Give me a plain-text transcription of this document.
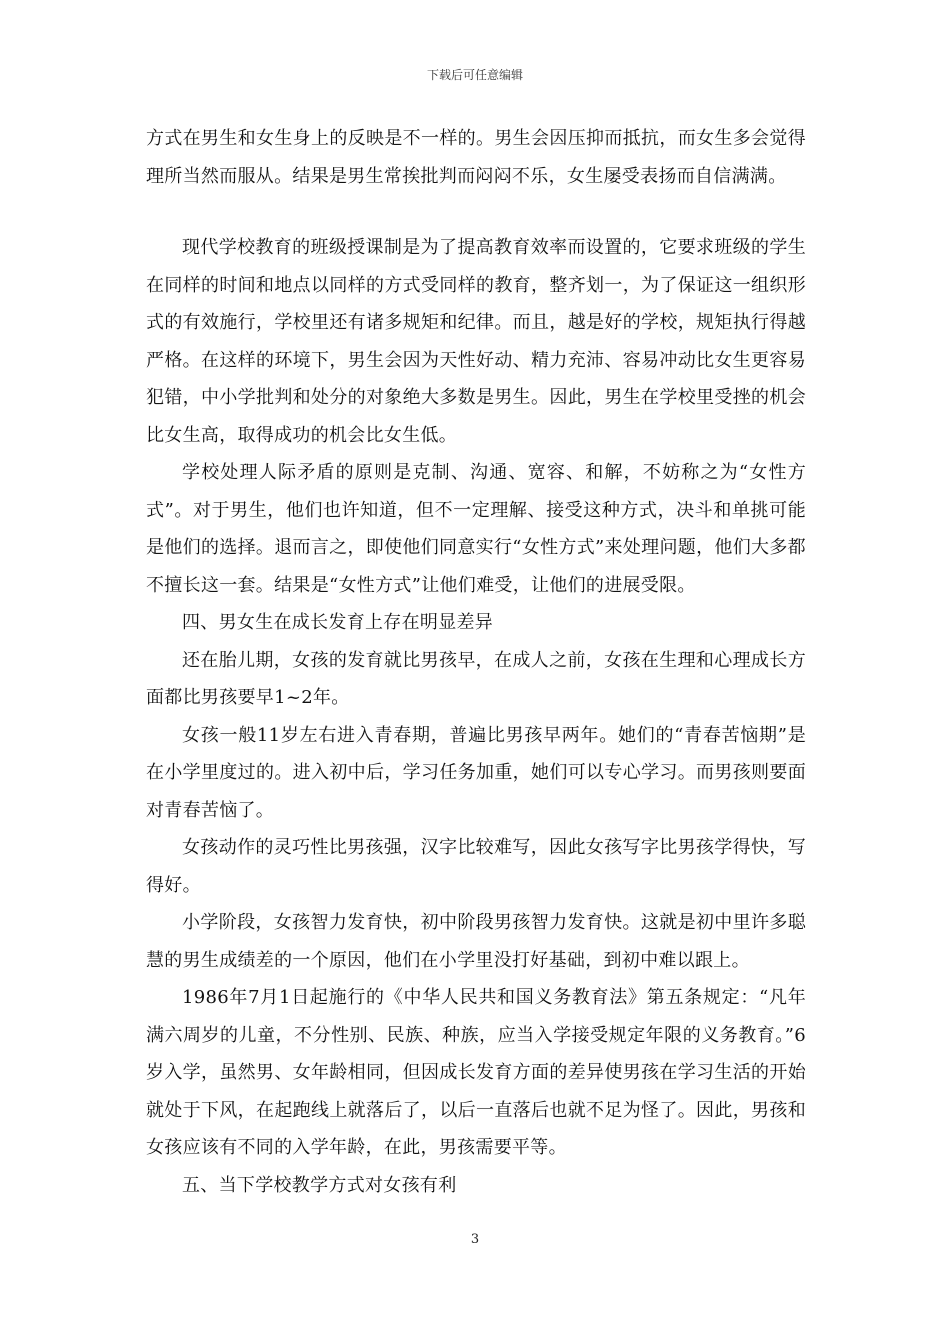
下载后可任意编辑

方式在男生和女生身上的反映是不一样的。男生会因压抑而抵抗，而女生多会觉得理所当然而服从。结果是男生常挨批判而闷闷不乐，女生屡受表扬而自信满满。

现代学校教育的班级授课制是为了提高教育效率而设置的，它要求班级的学生在同样的时间和地点以同样的方式受同样的教育，整齐划一，为了保证这一组织形式的有效施行，学校里还有诸多规矩和纪律。而且，越是好的学校，规矩执行得越严格。在这样的环境下，男生会因为天性好动、精力充沛、容易冲动比女生更容易犯错，中小学批判和处分的对象绝大多数是男生。因此，男生在学校里受挫的机会比女生高，取得成功的机会比女生低。

学校处理人际矛盾的原则是克制、沟通、宽容、和解，不妨称之为“女性方式”。对于男生，他们也许知道，但不一定理解、接受这种方式，决斗和单挑可能是他们的选择。退而言之，即使他们同意实行“女性方式”来处理问题，他们大多都不擅长这一套。结果是“女性方式”让他们难受，让他们的进展受限。

四、男女生在成长发育上存在明显差异

还在胎儿期，女孩的发育就比男孩早，在成人之前，女孩在生理和心理成长方面都比男孩要早1~2年。

女孩一般11岁左右进入青春期，普遍比男孩早两年。她们的“青春苦恼期”是在小学里度过的。进入初中后，学习任务加重，她们可以专心学习。而男孩则要面对青春苦恼了。

女孩动作的灵巧性比男孩强，汉字比较难写，因此女孩写字比男孩学得快，写得好。

小学阶段，女孩智力发育快，初中阶段男孩智力发育快。这就是初中里许多聪慧的男生成绩差的一个原因，他们在小学里没打好基础，到初中难以跟上。

1986年7月1日起施行的《中华人民共和国义务教育法》第五条规定：“凡年满六周岁的儿童，不分性别、民族、种族，应当入学接受规定年限的义务教育。”6岁入学，虽然男、女年龄相同，但因成长发育方面的差异使男孩在学习生活的开始就处于下风，在起跑线上就落后了，以后一直落后也就不足为怪了。因此，男孩和女孩应该有不同的入学年龄，在此，男孩需要平等。

五、当下学校教学方式对女孩有利

3
